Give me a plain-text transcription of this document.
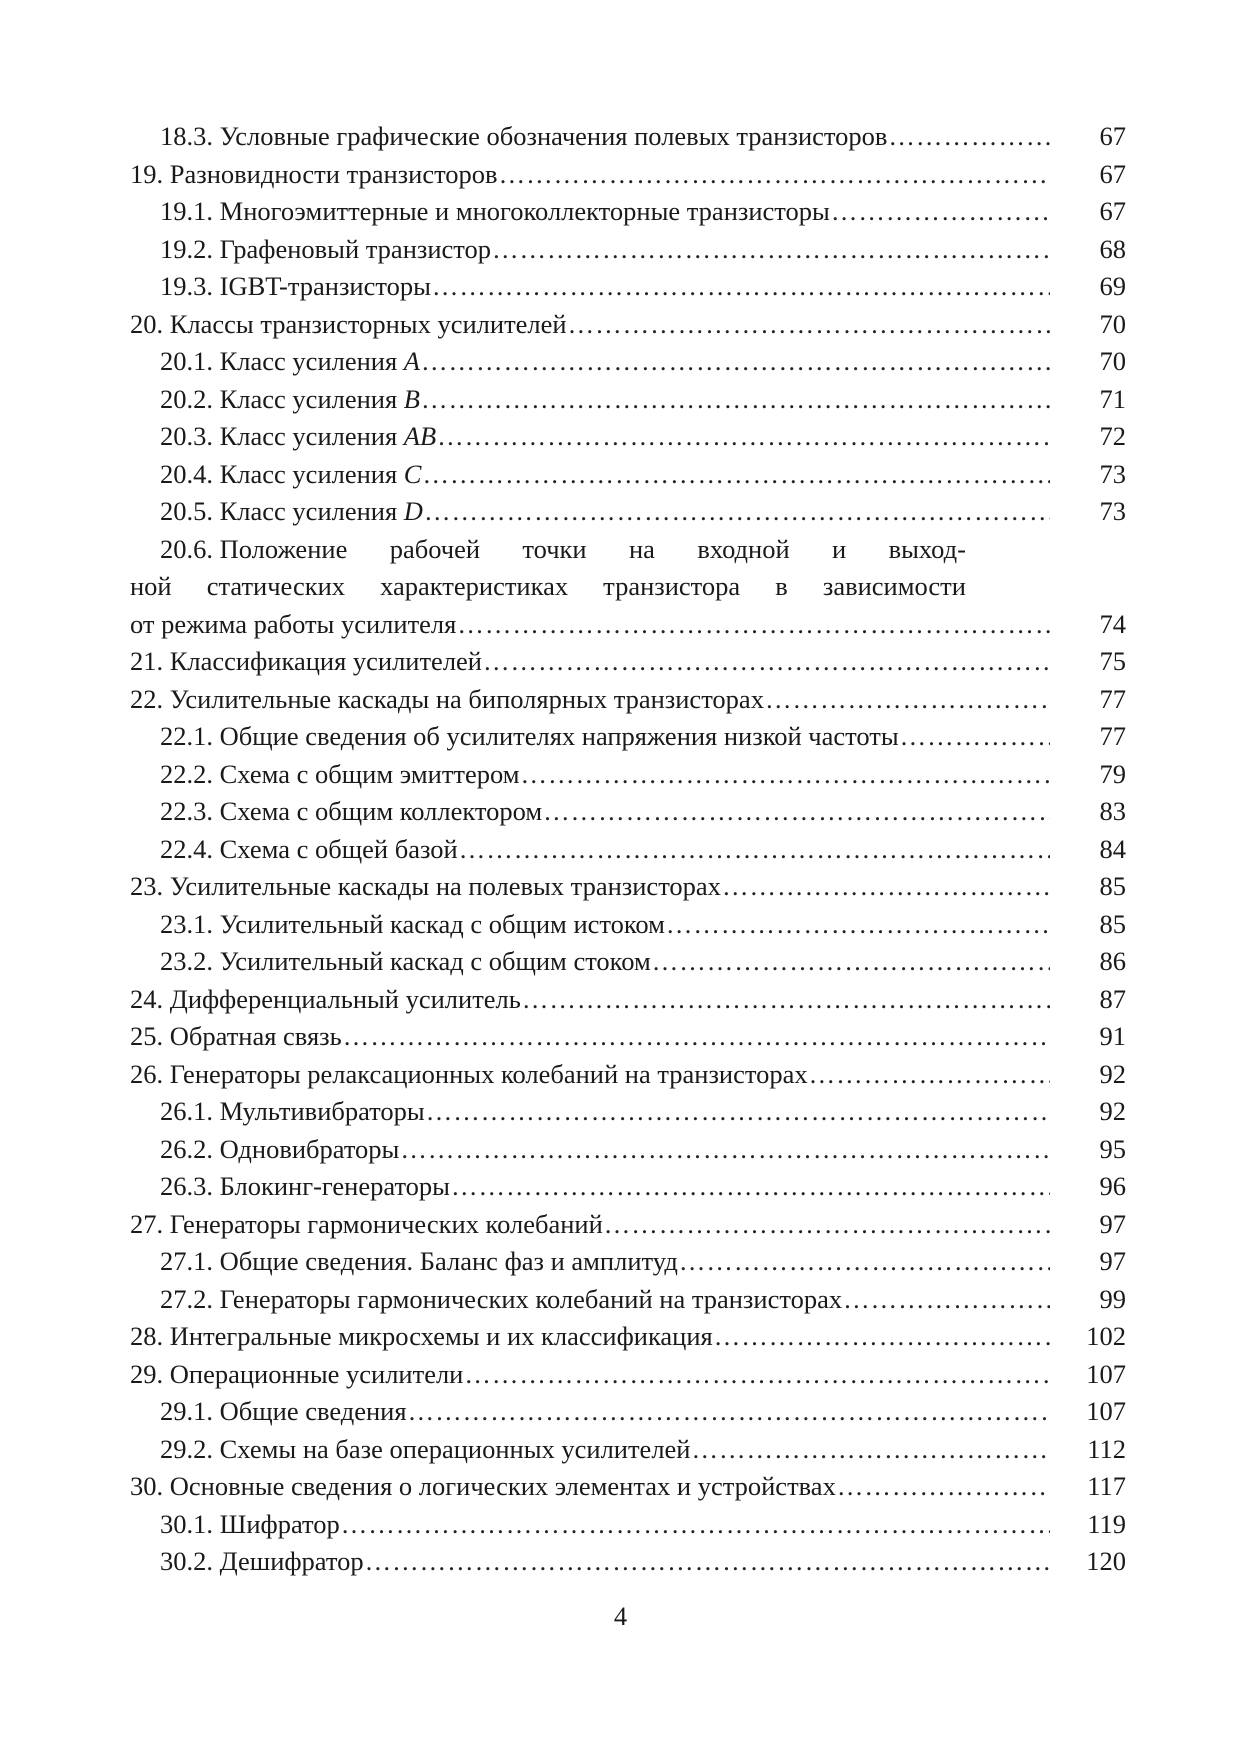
18.3. Условные графические обозначения полевых транзисторов ……………………………………………………………………………………………………………………………………………………………………………………………………………………………………	67
19. Разновидности транзисторов ……………………………………………………………………………………………………………………………………………………………………………………………………………………………………	67
19.1. Многоэмиттерные и многоколлекторные транзисторы ……………………………………………………………………………………………………………………………………………………………………………………………………………………………………	67
19.2. Графеновый транзистор ……………………………………………………………………………………………………………………………………………………………………………………………………………………………………	68
19.3. IGBT-транзисторы ……………………………………………………………………………………………………………………………………………………………………………………………………………………………………	69
20. Классы транзисторных усилителей ……………………………………………………………………………………………………………………………………………………………………………………………………………………………………	70
20.1. Класс усиления A ……………………………………………………………………………………………………………………………………………………………………………………………………………………………………	70
20.2. Класс усиления B ……………………………………………………………………………………………………………………………………………………………………………………………………………………………………	71
20.3. Класс усиления AB ……………………………………………………………………………………………………………………………………………………………………………………………………………………………………	72
20.4. Класс усиления C ……………………………………………………………………………………………………………………………………………………………………………………………………………………………………	73
20.5. Класс усиления D ……………………………………………………………………………………………………………………………………………………………………………………………………………………………………	73
20.6. Положение рабочей точки на входной и выход-
ной статических характеристиках транзистора в зависимости
от режима работы усилителя ……………………………………………………………………………………………………………………………………………………………………………………………………………………………………	74
21. Классификация усилителей ……………………………………………………………………………………………………………………………………………………………………………………………………………………………………	75
22. Усилительные каскады на биполярных транзисторах ……………………………………………………………………………………………………………………………………………………………………………………………………………………………………	77
22.1. Общие сведения об усилителях напряжения низкой частоты ……………………………………………………………………………………………………………………………………………………………………………………………………………………………………	77
22.2. Схема с общим эмиттером ……………………………………………………………………………………………………………………………………………………………………………………………………………………………………	79
22.3. Схема с общим коллектором ……………………………………………………………………………………………………………………………………………………………………………………………………………………………………	83
22.4. Схема с общей базой ……………………………………………………………………………………………………………………………………………………………………………………………………………………………………	84
23. Усилительные каскады на полевых транзисторах ……………………………………………………………………………………………………………………………………………………………………………………………………………………………………	85
23.1. Усилительный каскад с общим истоком ……………………………………………………………………………………………………………………………………………………………………………………………………………………………………	85
23.2. Усилительный каскад с общим стоком ……………………………………………………………………………………………………………………………………………………………………………………………………………………………………	86
24. Дифференциальный усилитель ……………………………………………………………………………………………………………………………………………………………………………………………………………………………………	87
25. Обратная связь ……………………………………………………………………………………………………………………………………………………………………………………………………………………………………	91
26. Генераторы релаксационных колебаний на транзисторах ……………………………………………………………………………………………………………………………………………………………………………………………………………………………………	92
26.1. Мультивибраторы ……………………………………………………………………………………………………………………………………………………………………………………………………………………………………	92
26.2. Одновибраторы ……………………………………………………………………………………………………………………………………………………………………………………………………………………………………	95
26.3. Блокинг-генераторы ……………………………………………………………………………………………………………………………………………………………………………………………………………………………………	96
27. Генераторы гармонических колебаний ……………………………………………………………………………………………………………………………………………………………………………………………………………………………………	97
27.1. Общие сведения. Баланс фаз и амплитуд ……………………………………………………………………………………………………………………………………………………………………………………………………………………………………	97
27.2. Генераторы гармонических колебаний на транзисторах ……………………………………………………………………………………………………………………………………………………………………………………………………………………………………	99
28. Интегральные микросхемы и их классификация ……………………………………………………………………………………………………………………………………………………………………………………………………………………………………	102
29. Операционные усилители ……………………………………………………………………………………………………………………………………………………………………………………………………………………………………	107
29.1. Общие сведения ……………………………………………………………………………………………………………………………………………………………………………………………………………………………………	107
29.2. Схемы на базе операционных усилителей ……………………………………………………………………………………………………………………………………………………………………………………………………………………………………	112
30. Основные сведения о логических элементах и устройствах ……………………………………………………………………………………………………………………………………………………………………………………………………………………………………	117
30.1. Шифратор ……………………………………………………………………………………………………………………………………………………………………………………………………………………………………	119
30.2. Дешифратор ……………………………………………………………………………………………………………………………………………………………………………………………………………………………………	120
4
